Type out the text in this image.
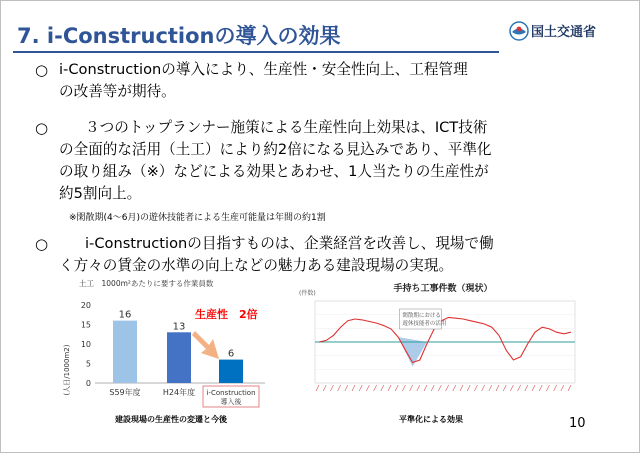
7. i-Constructionの導入の効果	国土交通省
○ i-Constructionの導入により、生産性・安全性向上、工程管理
の改善等が期待。
○	３つのトップランナー施策による生産性向上効果は、ICT技術
の全面的な活用（土工）により約2倍になる見込みであり、平準化
の取り組み（※）などによる効果とあわせ、1人当たりの生産性が
約5割向上。
※閑散期(4～6月)の遊休技能者による生産可能量は年間の約1割
○	i-Constructionの目指すものは、企業経営を改善し、現場で働
く方々の賃金の水準の向上などの魅力ある建設現場の実現。
土工　1000m²あたりに要する作業員数
(人日/1000m2) 0
5
10
15
20
16
S59年度
13
H24年度
6
i-Construction
導入後
生産性　2倍
建設現場の生産性の変遷と今後
手持ち工事件数（現状）
(件数)
閑散期における
遊休技能者の活用
平準化による効果	10
